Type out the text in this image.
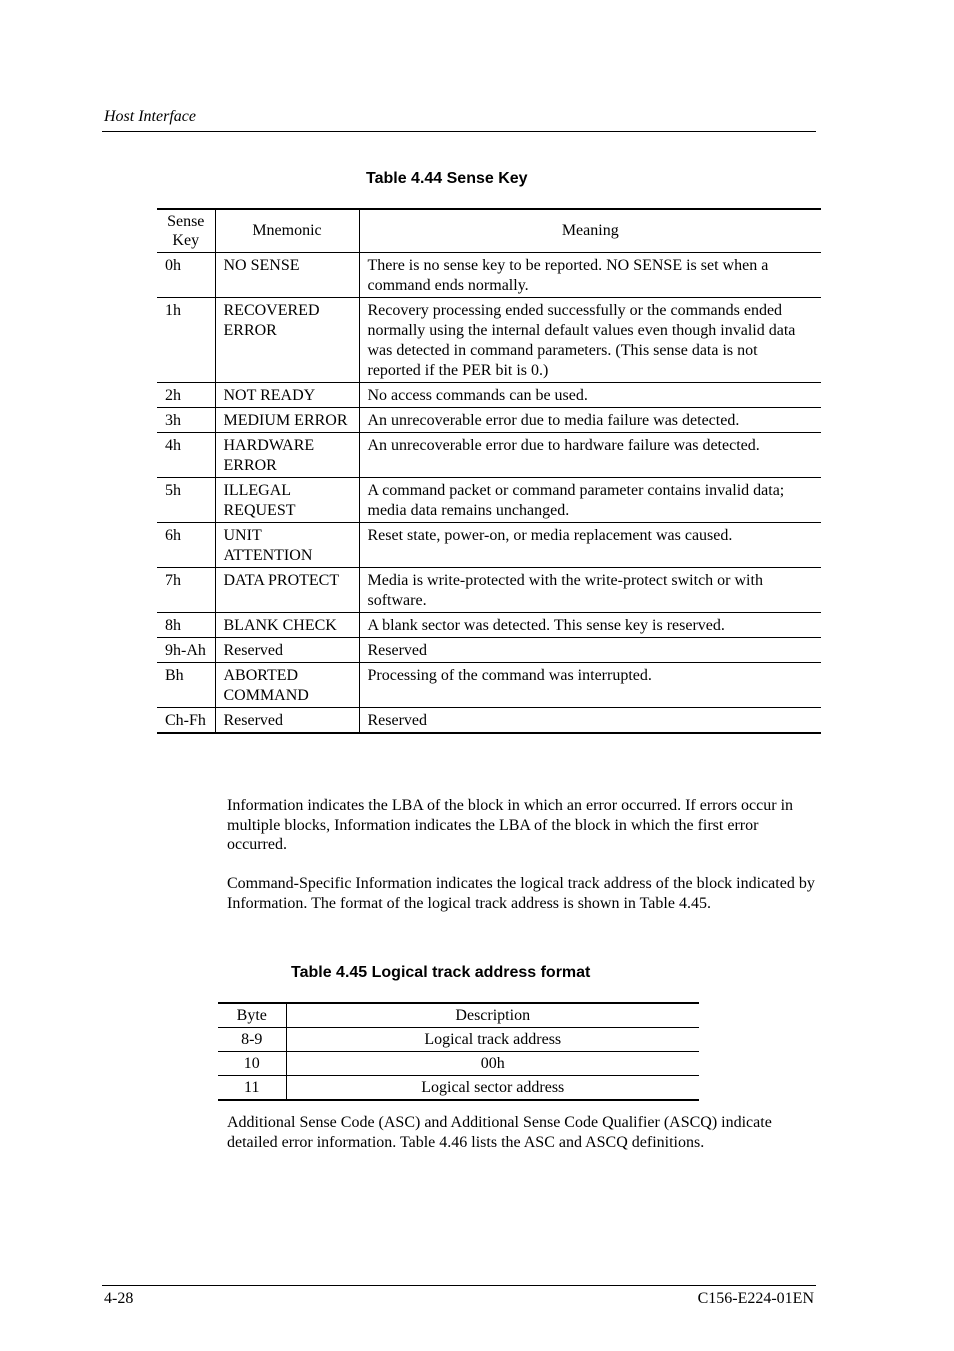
Host Interface
Table 4.44 Sense Key
Sense Key	Mnemonic	Meaning
0h	NO SENSE	There is no sense key to be reported. NO SENSE is set when a command ends normally.
1h	RECOVERED ERROR	Recovery processing ended successfully or the commands ended normally using the internal default values even though invalid data was detected in command parameters. (This sense data is not reported if the PER bit is 0.)
2h	NOT READY	No access commands can be used.
3h	MEDIUM ERROR	An unrecoverable error due to media failure was detected.
4h	HARDWARE ERROR	An unrecoverable error due to hardware failure was detected.
5h	ILLEGAL REQUEST	A command packet or command parameter contains invalid data; media data remains unchanged.
6h	UNIT ATTENTION	Reset state, power-on, or media replacement was caused.
7h	DATA PROTECT	Media is write-protected with the write-protect switch or with software.
8h	BLANK CHECK	A blank sector was detected. This sense key is reserved.
9h-Ah	Reserved	Reserved
Bh	ABORTED COMMAND	Processing of the command was interrupted.
Ch-Fh	Reserved	Reserved
Information indicates the LBA of the block in which an error occurred. If errors occur in multiple blocks, Information indicates the LBA of the block in which the first error occurred.
Command-Specific Information indicates the logical track address of the block indicated by Information. The format of the logical track address is shown in Table 4.45.
Table 4.45 Logical track address format
Byte	Description
8-9	Logical track address
10	00h
11	Logical sector address
Additional Sense Code (ASC) and Additional Sense Code Qualifier (ASCQ) indicate detailed error information. Table 4.46 lists the ASC and ASCQ definitions.
4-28	C156-E224-01EN
